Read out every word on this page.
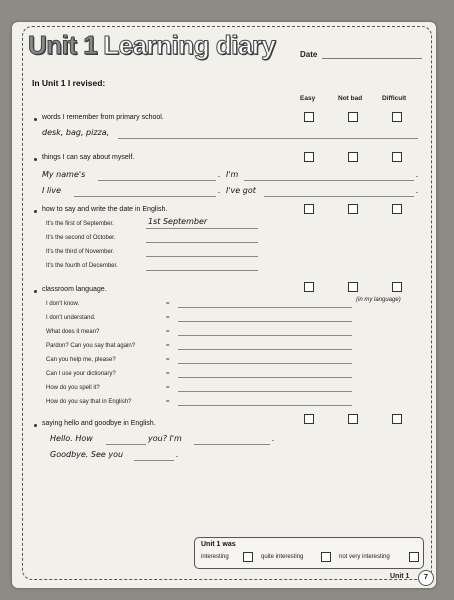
Unit 1 Learning diary	Date
In Unit 1 I revised:
Easy	Not bad	Difficult
words I remember from primary school.
desk, bag, pizza,
things I can say about myself.
My name's	. I'm	.
I live	. I've got	.
how to say and write the date in English.
It's the first of September.	1st September
It's the second of October.
It's the third of November.
It's the fourth of December.
classroom language.
(in my language)
I don't know.	=
I don't understand.	=
What does it mean?	=
Pardon? Can you say that again?	=
Can you help me, please?	=
Can I use your dictionary?	=
How do you spell it?	=
How do you say that in English?	=
saying hello and goodbye in English.
Hello. How	you? I'm	.
Goodbye. See you	.
Unit 1 was
interesting	quite interesting	not very interesting
Unit 1	7
